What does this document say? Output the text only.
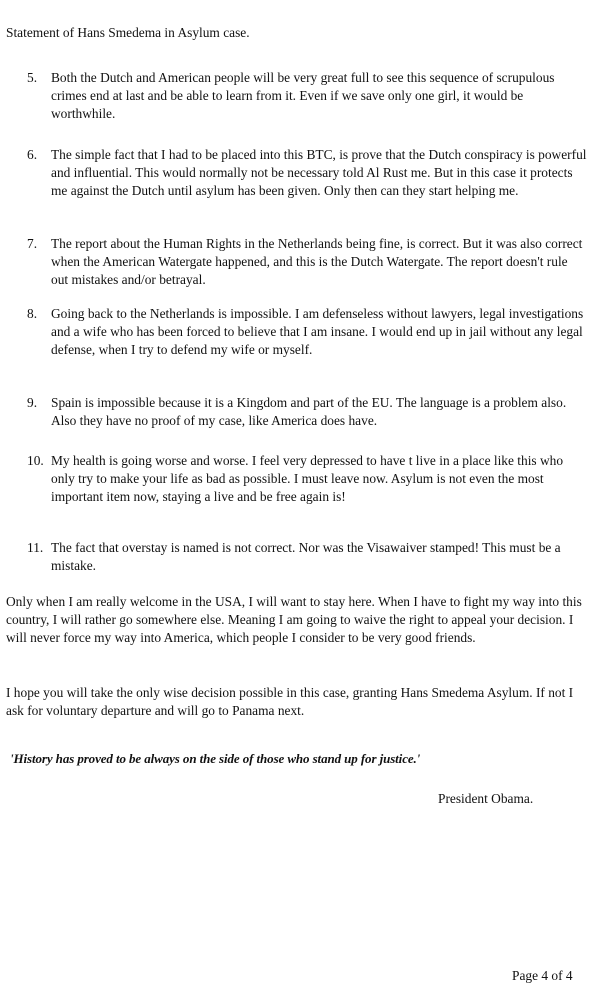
Statement of Hans Smedema in Asylum case.
5.	Both the Dutch and American people will be very great full to see this sequence of scrupulous crimes end at last and be able to learn from it. Even if we save only one girl, it would be worthwhile.

6.	The simple fact that I had to be placed into this BTC, is prove that the Dutch conspiracy is powerful and influential. This would normally not be necessary told Al Rust me. But in this case it protects me against the Dutch until asylum has been given. Only then can they start helping me.

7.	The report about the Human Rights in the Netherlands being fine, is correct. But it was also correct when the American Watergate happened, and this is the Dutch Watergate. The report doesn't rule out mistakes and/or betrayal.

8.	Going back to the Netherlands is impossible. I am defenseless without lawyers, legal investigations and a wife who has been forced to believe that I am insane. I would end up in jail without any legal defense, when I try to defend my wife or myself.

9.	Spain is impossible because it is a Kingdom and part of the EU. The language is a problem also. Also they have no proof of my case, like America does have.

10. My health is going worse and worse. I feel very depressed to have t live in a place like this who only try to make your life as bad as possible. I must leave now. Asylum is not even the most important item now, staying a live and be free again is!

11. The fact that overstay is named is not correct. Nor was the Visawaiver stamped! This must be a mistake.

Only when I am really welcome in the USA, I will want to stay here. When I have to fight my way into this country, I will rather go somewhere else. Meaning I am going to waive the right to appeal your decision. I will never force my way into America, which people I consider to be very good friends.

I hope you will take the only wise decision possible in this case, granting Hans Smedema Asylum. If not I ask for voluntary departure and will go to Panama next.

'History has proved to be always on the side of those who stand up for justice.'
President Obama.
Page 4 of 4
